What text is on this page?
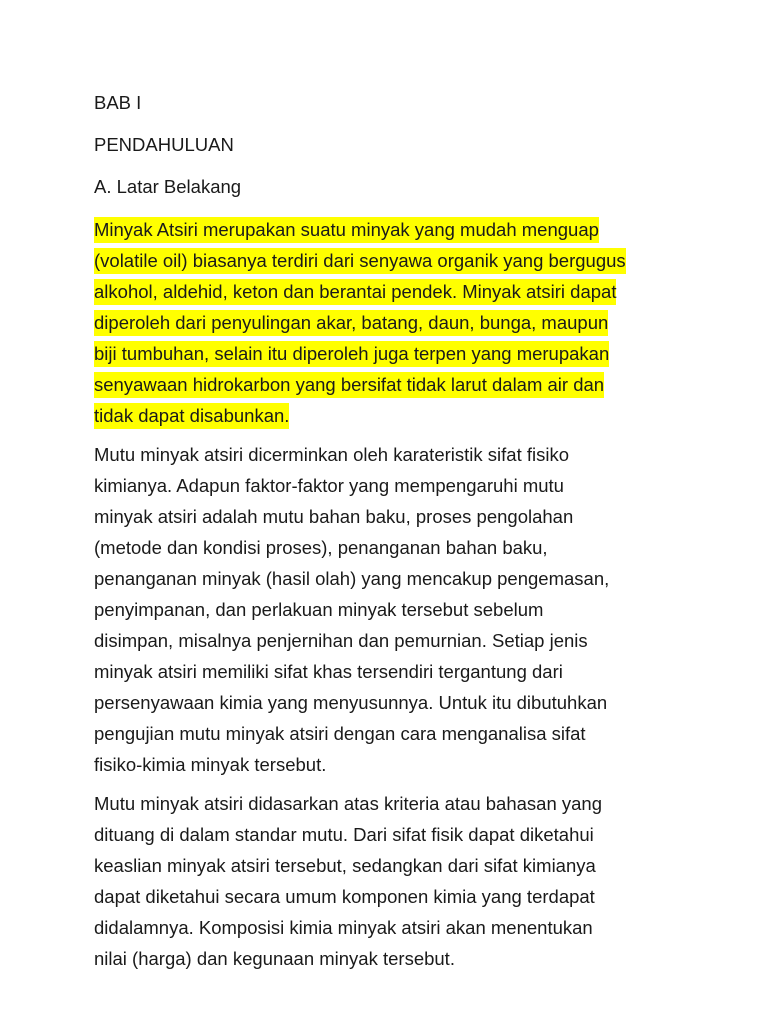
BAB I
PENDAHULUAN
A. Latar Belakang
Minyak Atsiri merupakan suatu minyak yang mudah menguap
(volatile oil) biasanya terdiri dari senyawa organik yang bergugus
alkohol, aldehid, keton dan berantai pendek. Minyak atsiri dapat
diperoleh dari penyulingan akar, batang, daun, bunga, maupun
biji tumbuhan, selain itu diperoleh juga terpen yang merupakan
senyawaan hidrokarbon yang bersifat tidak larut dalam air dan
tidak dapat disabunkan.
Mutu minyak atsiri dicerminkan oleh karateristik sifat fisiko
kimianya. Adapun faktor-faktor yang mempengaruhi mutu
minyak atsiri adalah mutu bahan baku, proses pengolahan
(metode dan kondisi proses), penanganan bahan baku,
penanganan minyak (hasil olah) yang mencakup pengemasan,
penyimpanan, dan perlakuan minyak tersebut sebelum
disimpan, misalnya penjernihan dan pemurnian. Setiap jenis
minyak atsiri memiliki sifat khas tersendiri tergantung dari
persenyawaan kimia yang menyusunnya. Untuk itu dibutuhkan
pengujian mutu minyak atsiri dengan cara menganalisa sifat
fisiko-kimia minyak tersebut.
Mutu minyak atsiri didasarkan atas kriteria atau bahasan yang
dituang di dalam standar mutu. Dari sifat fisik dapat diketahui
keaslian minyak atsiri tersebut, sedangkan dari sifat kimianya
dapat diketahui secara umum komponen kimia yang terdapat
didalamnya. Komposisi kimia minyak atsiri akan menentukan
nilai (harga) dan kegunaan minyak tersebut.
